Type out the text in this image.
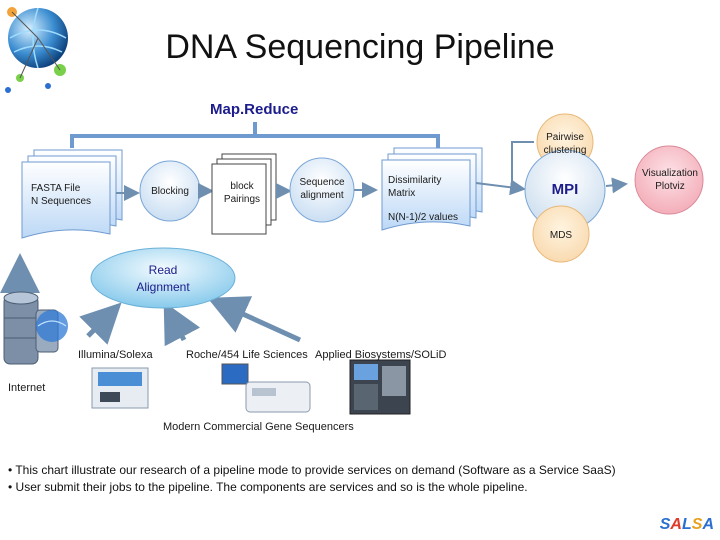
DNA Sequencing Pipeline
Map.Reduce
FASTA File
N Sequences
Blocking	block
Pairings
Sequence
alignment
Dissimilarity
Matrix
N(N-1)/2 values
Pairwise
clustering
MPI
Visualization
Plotviz
MDS
Read
Alignment
Illumina/Solexa	Roche/454 Life Sciences Applied Biosystems/SOLiD
Internet
Modern Commercial Gene Sequencers
• This chart illustrate our research of a pipeline mode to provide services on demand (Software as a Service SaaS)
• User submit their jobs to the pipeline. The components are services and so is the whole pipeline.
SALSA
